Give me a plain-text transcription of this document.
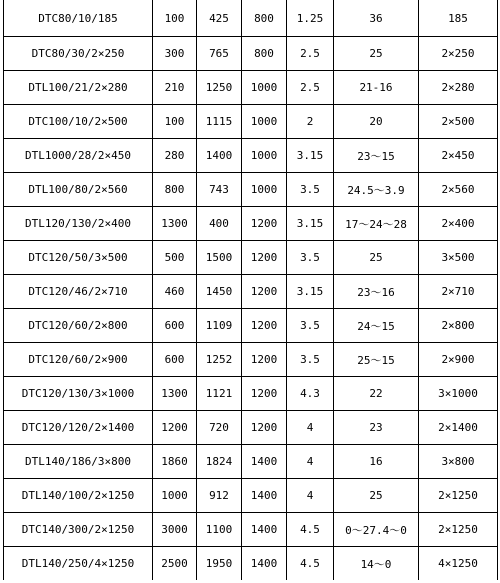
DTC80/10/185	100	425	800	1.25	36	185
DTC80/30/2×250	300	765	800	2.5	25	2×250
DTL100/21/2×280	210	1250	1000	2.5	21-16	2×280
DTC100/10/2×500	100	1115	1000	2	20	2×500
DTL1000/28/2×450	280	1400	1000	3.15	23～15	2×450
DTL100/80/2×560	800	743	1000	3.5	24.5～3.9	2×560
DTL120/130/2×400	1300	400	1200	3.15	17～24～28	2×400
DTC120/50/3×500	500	1500	1200	3.5	25	3×500
DTC120/46/2×710	460	1450	1200	3.15	23～16	2×710
DTC120/60/2×800	600	1109	1200	3.5	24～15	2×800
DTC120/60/2×900	600	1252	1200	3.5	25～15	2×900
DTC120/130/3×1000	1300	1121	1200	4.3	22	3×1000
DTC120/120/2×1400	1200	720	1200	4	23	2×1400
DTL140/186/3×800	1860	1824	1400	4	16	3×800
DTL140/100/2×1250	1000	912	1400	4	25	2×1250
DTC140/300/2×1250	3000	1100	1400	4.5	0～27.4～0	2×1250
DTL140/250/4×1250	2500	1950	1400	4.5	14～0	4×1250
